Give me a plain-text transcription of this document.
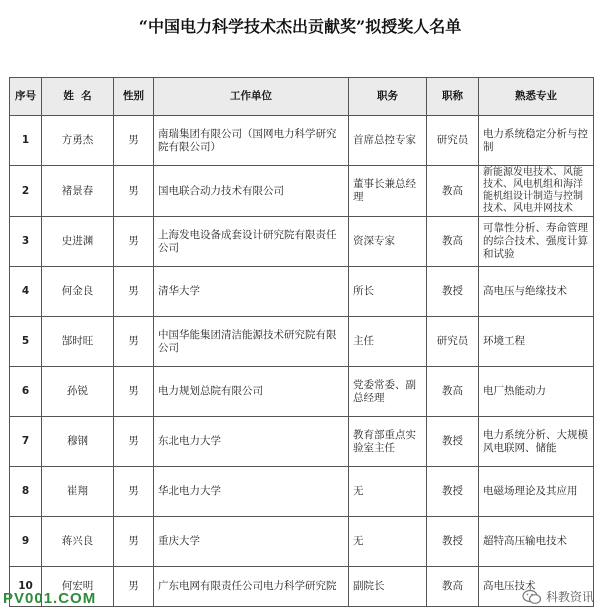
“中国电力科学技术杰出贡献奖”拟授奖人名单
序号	姓  名	性别	工作单位	职务	职称	熟悉专业
1	方勇杰	男	南瑞集团有限公司（国网电力科学研究院有限公司）	首席总控专家	研究员	电力系统稳定分析与控制
2	褚景春	男	国电联合动力技术有限公司	董事长兼总经理	教高	新能源发电技术、风能技术、风电机组和海洋能机组设计制造与控制技术、风电并网技术
3	史进渊	男	上海发电设备成套设计研究院有限责任公司	资深专家	教高	可靠性分析、寿命管理的综合技术、强度计算和试验
4	何金良	男	清华大学	所长	教授	高电压与绝缘技术
5	郜时旺	男	中国华能集团清洁能源技术研究院有限公司	主任	研究员	环境工程
6	孙锐	男	电力规划总院有限公司	党委常委、副总经理	教高	电厂热能动力
7	穆钢	男	东北电力大学	教育部重点实验室主任	教授	电力系统分析、大规模风电联网、储能
8	崔翔	男	华北电力大学	无	教授	电磁场理论及其应用
9	蒋兴良	男	重庆大学	无	教授	超特高压输电技术
10	何宏明	男	广东电网有限责任公司电力科学研究院	副院长	教高	高电压技术
PV001.COM	科教资讯
